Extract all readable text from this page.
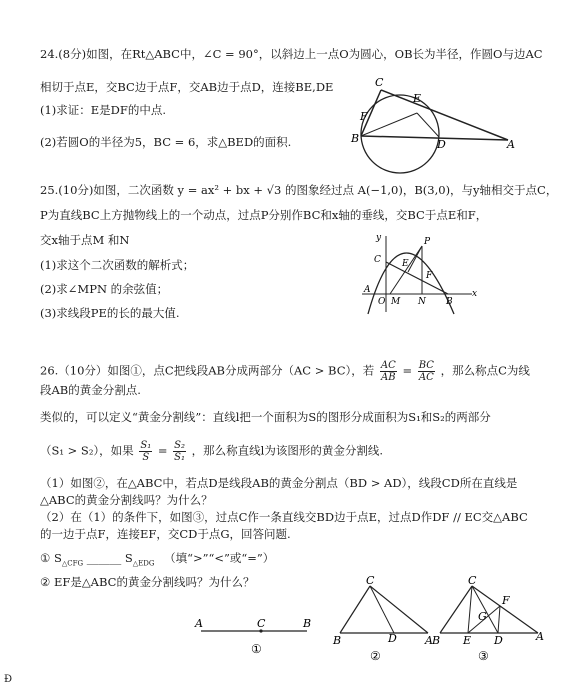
24.(8分)如图，在Rt△ABC中，∠C = 90°，以斜边上一点O为圆心，OB长为半径，作圆O与边AC
相切于点E，交BC边于点F，交AB边于点D，连接BE,DE
(1)求证：E是DF的中点.
(2)若圆O的半径为5，BC = 6，求△BED的面积.
C
E
F
B	D	A
25.(10分)如图，二次函数 y = ax² + bx + √3 的图象经过点 A(−1,0)，B(3,0)，与y轴相交于点C，
P为直线BC上方抛物线上的一个动点，过点P分别作BC和x轴的垂线，交BC于点E和F，
交x轴于点M 和N
(1)求这个二次函数的解析式；
(2)求∠MPN 的余弦值；
(3)求线段PE的长的最大值.
y
C
P
E
F
A
O M N B
x
26.（10分）如图①，点C把线段AB分成两部分（AC > BC），若 $\frac{AC}{AB} = \frac{BC}{AC}$ ，那么称点C为线
段AB的黄金分割点.
类似的，可以定义“黄金分割线”：直线l把一个面积为S的图形分成面积为S₁和S₂的两部分
（S₁ > S₂），如果 $\frac{\text{S₁}}{S} = \frac{\text{S₂}}{\text{S₁}}$ ，那么称直线l为该图形的黄金分割线.
（1）如图②，在△ABC中，若点D是线段AB的黄金分割点（BD > AD），线段CD所在直线是
△ABC的黄金分割线吗？为什么？
（2）在（1）的条件下，如图③，过点C作一条直线交BD边于点E，过点D作DF // EC交△ABC
的一边于点F，连接EF，交CD于点G，回答问题.
① $S_{\triangle CFG}$ ______ $S_{\triangle EDG}$ （填“>”“<”或“=”）
② EF是△ABC的黄金分割线吗？为什么？
A	C	B
①
C
B	D	A
②
C
F
G
B E D	A
③
Ð
